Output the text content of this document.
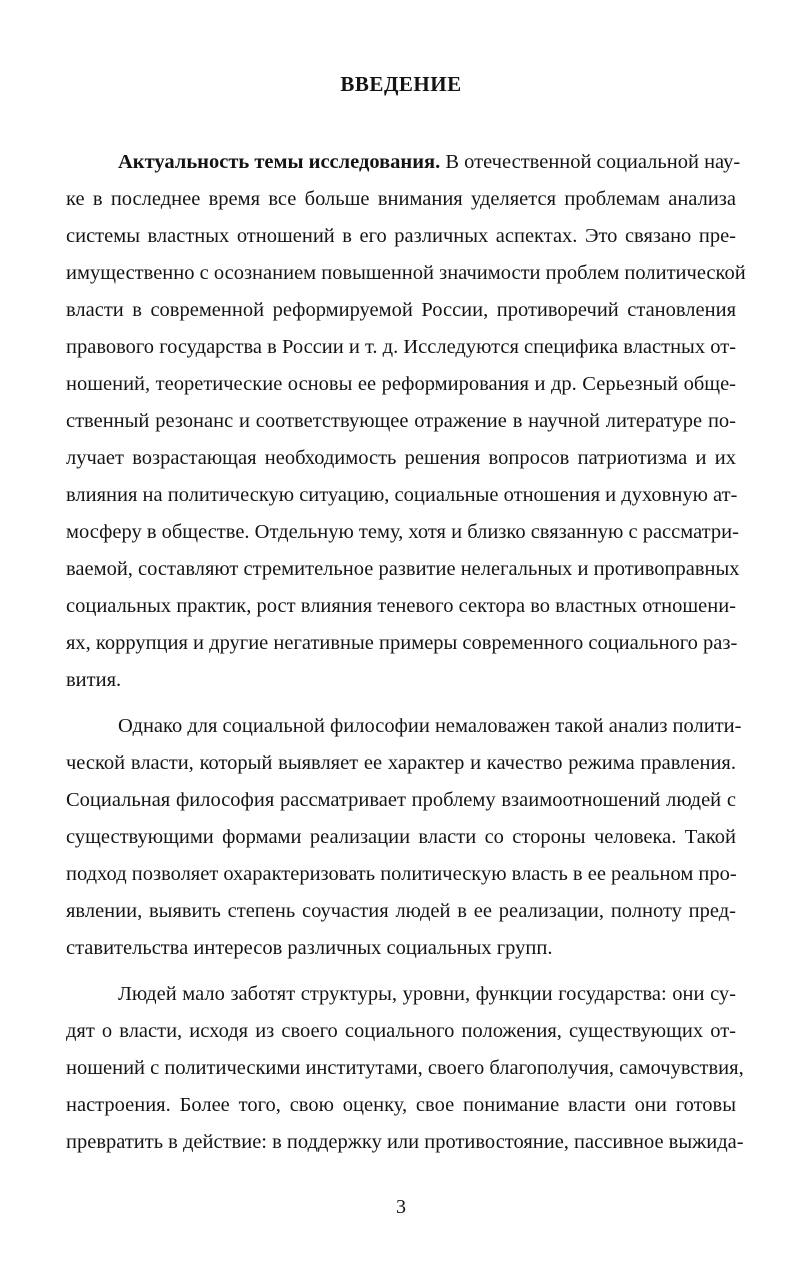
ВВЕДЕНИЕ
Актуальность темы исследования. В отечественной социальной нау-
ке в последнее время все больше внимания уделяется проблемам анализа
системы властных отношений в его различных аспектах. Это связано пре-
имущественно с осознанием повышенной значимости проблем политической
власти в современной реформируемой России, противоречий становления
правового государства в России и т. д. Исследуются специфика властных от-
ношений, теоретические основы ее реформирования и др. Серьезный обще-
ственный резонанс и соответствующее отражение в научной литературе по-
лучает возрастающая необходимость решения вопросов патриотизма и их
влияния на политическую ситуацию, социальные отношения и духовную ат-
мосферу в обществе. Отдельную тему, хотя и близко связанную с рассматри-
ваемой, составляют стремительное развитие нелегальных и противоправных
социальных практик, рост влияния теневого сектора во властных отношени-
ях, коррупция и другие негативные примеры современного социального раз-
вития.
Однако для социальной философии немаловажен такой анализ полити-
ческой власти, который выявляет ее характер и качество режима правления.
Социальная философия рассматривает проблему взаимоотношений людей с
существующими формами реализации власти со стороны человека. Такой
подход позволяет охарактеризовать политическую власть в ее реальном про-
явлении, выявить степень соучастия людей в ее реализации, полноту пред-
ставительства интересов различных социальных групп.
Людей мало заботят структуры, уровни, функции государства: они су-
дят о власти, исходя из своего социального положения, существующих от-
ношений с политическими институтами, своего благополучия, самочувствия,
настроения. Более того, свою оценку, свое понимание власти они готовы
превратить в действие: в поддержку или противостояние, пассивное выжида-

3
